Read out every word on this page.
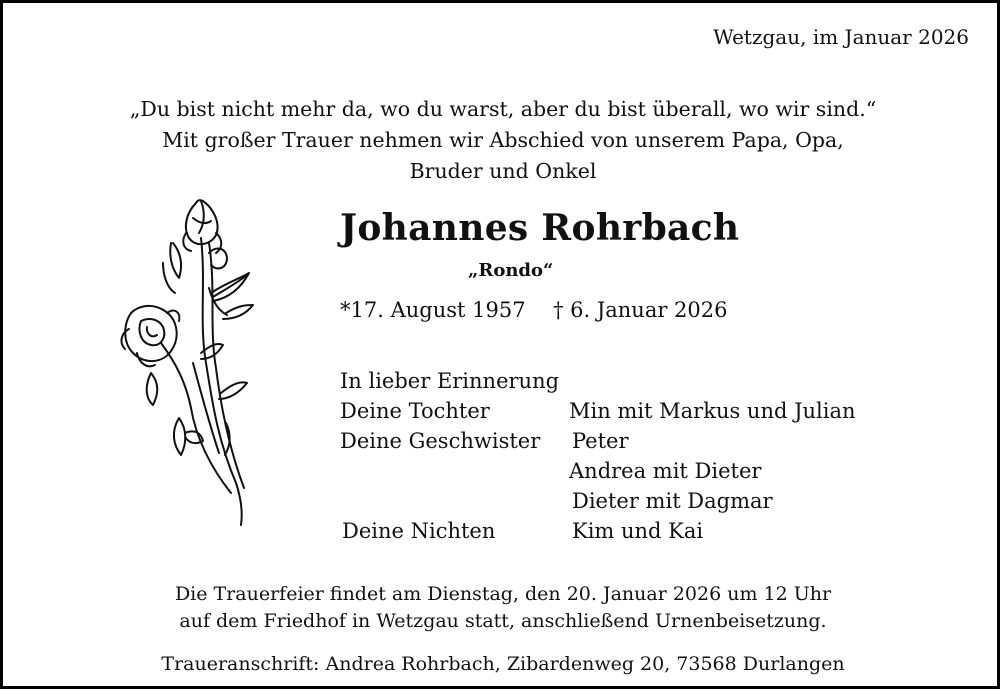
Wetzgau, im Januar 2026
„Du bist nicht mehr da, wo du warst, aber du bist überall, wo wir sind.“
Mit großer Trauer nehmen wir Abschied von unserem Papa, Opa,
Bruder und Onkel
Johannes Rohrbach
„Rondo“
*17. August 1957 † 6. Januar 2026
In lieber Erinnerung
Deine Tochter	Min mit Markus und Julian
Deine Geschwister Peter
Andrea mit Dieter
Dieter mit Dagmar
Deine Nichten	Kim und Kai
Die Trauerfeier findet am Dienstag, den 20. Januar 2026 um 12 Uhr
auf dem Friedhof in Wetzgau statt, anschließend Urnenbeisetzung.
Traueranschrift: Andrea Rohrbach, Zibardenweg 20, 73568 Durlangen
